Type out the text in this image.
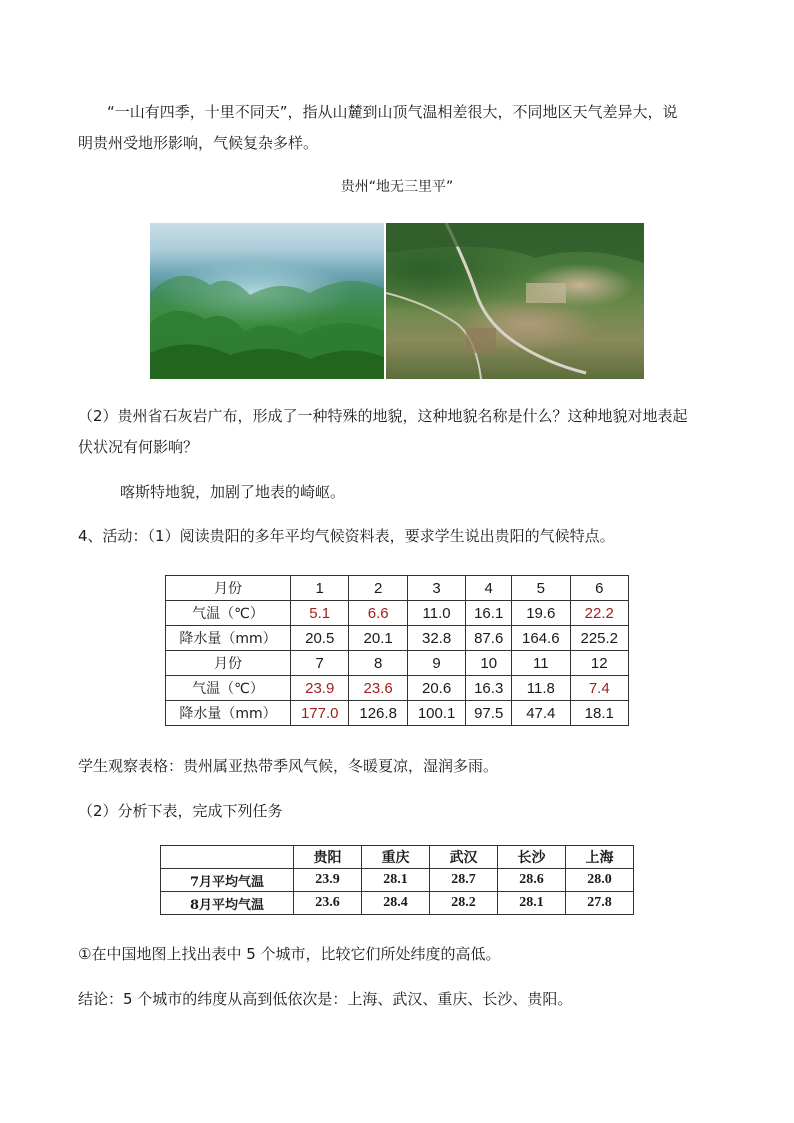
“一山有四季，十里不同天”，指从山麓到山顶气温相差很大，不同地区天气差异大，说

明贵州受地形影响，气候复杂多样。

贵州“地无三里平”

（2）贵州省石灰岩广布，形成了一种特殊的地貌，这种地貌名称是什么？这种地貌对地表起

伏状况有何影响？

喀斯特地貌，加剧了地表的崎岖。

4、活动：（1）阅读贵阳的多年平均气候资料表，要求学生说出贵阳的气候特点。

月份	1	2	3	4	5	6
气温（℃）	5.1	6.6	11.0	16.1	19.6	22.2
降水量（mm）	20.5	20.1	32.8	87.6	164.6	225.2
月份	7	8	9	10	11	12
气温（℃）	23.9	23.6	20.6	16.3	11.8	7.4
降水量（mm）	177.0	126.8	100.1	97.5	47.4	18.1

学生观察表格：贵州属亚热带季风气候，冬暖夏凉，湿润多雨。

（2）分析下表，完成下列任务

	贵阳	重庆	武汉	长沙	上海
7月平均气温	23.9	28.1	28.7	28.6	28.0
8月平均气温	23.6	28.4	28.2	28.1	27.8

①在中国地图上找出表中 5 个城市，比较它们所处纬度的高低。

结论：5 个城市的纬度从高到低依次是：上海、武汉、重庆、长沙、贵阳。
